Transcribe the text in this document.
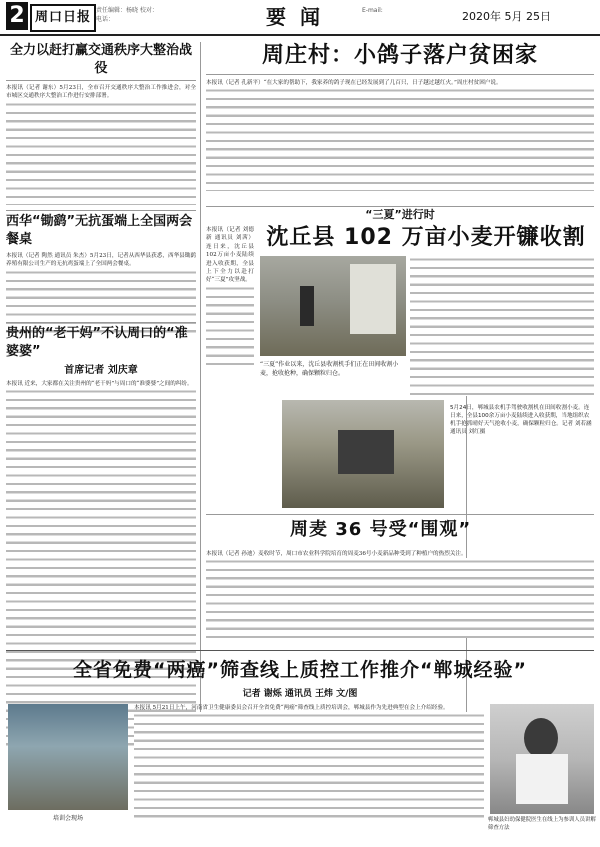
2 周口日报 责任编辑：杨晓 校对：
电话：	要闻	E-mail:	2020年 5月 25日
全力以赶打赢交通秩序大整治战役
本报讯（记者 谢东）5月23日，全市召开交通秩序大整治工作推进会，对全市城区交通秩序大整治工作进行安排部署。
西华“锄鹞”无抗蛋端上全国两会餐桌
本报讯（记者 陶然 通讯员 朱杰）5月23日，记者从西华县获悉，西华县锄鹞养殖有限公司生产的无抗鸡蛋端上了全国两会餐桌。
贵州的“老干妈”不认周口的“准婆婆”
首席记者 刘庆章
本报讯 近来，大家都在关注贵州的“老干妈”与周口的“准婆婆”之间的纠纷。
周庄村：小鸽子落户贫困家
本报讯（记者 孔新平）“在大家的帮助下，我家养的鸽子现在已经发展到了几百只，日子越过越红火。”周庄村贫困户说。
“三夏”进行时
沈丘县 102 万亩小麦开镰收割
本报讯（记者 刘德新 通讯员 刘茜）连日来，沈丘县102万亩小麦陆续进入收获期，全县上下全力以赴打好“三夏”攻坚战。
“三夏”作业以来，沈丘县收割机手们正在田间收割小麦，抢收抢种，确保颗粒归仓。
5月24日，郸城县农机手驾驶收割机在田间收割小麦。连日来，全县100余万亩小麦陆续进入收获期，当地组织农机手抢抓晴好天气抢收小麦，确保颗粒归仓。记者 刘若涵 通讯员 刘红摄
周麦 36 号受“围观”
本报讯（记者 孙迪）麦收时节，周口市农业科学院培育的周麦36号小麦新品种受到了种植户的热烈关注。
全省免费“两癌”筛查线上质控工作推介“郸城经验”
记者 谢烁 通讯员 王炜 文/图
培训会现场
本报讯 5月21日上午，河南省卫生健康委员会召开全省免费“两癌”筛查线上质控培训会，郸城县作为先进典型在会上介绍经验。
郸城县妇幼保健院医生在线上为参训人员讲解筛查方法
